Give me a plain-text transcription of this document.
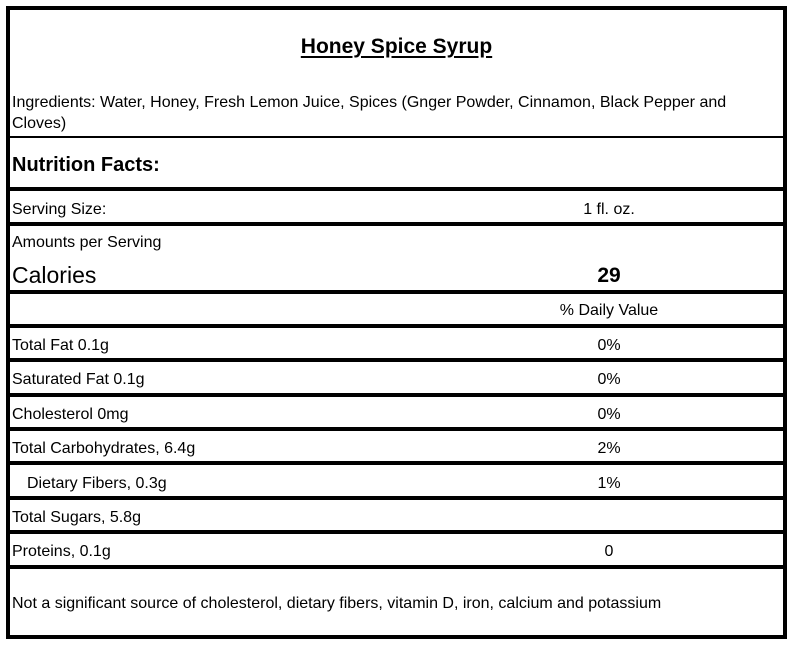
Honey Spice Syrup
Ingredients: Water, Honey, Fresh Lemon Juice, Spices (Gnger Powder, Cinnamon, Black Pepper and Cloves)
Nutrition Facts:
Serving Size:	1 fl. oz.
Amounts per Serving
Calories	29
% Daily Value
Total Fat 0.1g	0%
Saturated Fat 0.1g	0%
Cholesterol 0mg	0%
Total Carbohydrates, 6.4g	2%
Dietary Fibers, 0.3g	1%
Total Sugars, 5.8g
Proteins, 0.1g	0
Not a significant source of cholesterol, dietary fibers, vitamin D, iron, calcium and potassium
